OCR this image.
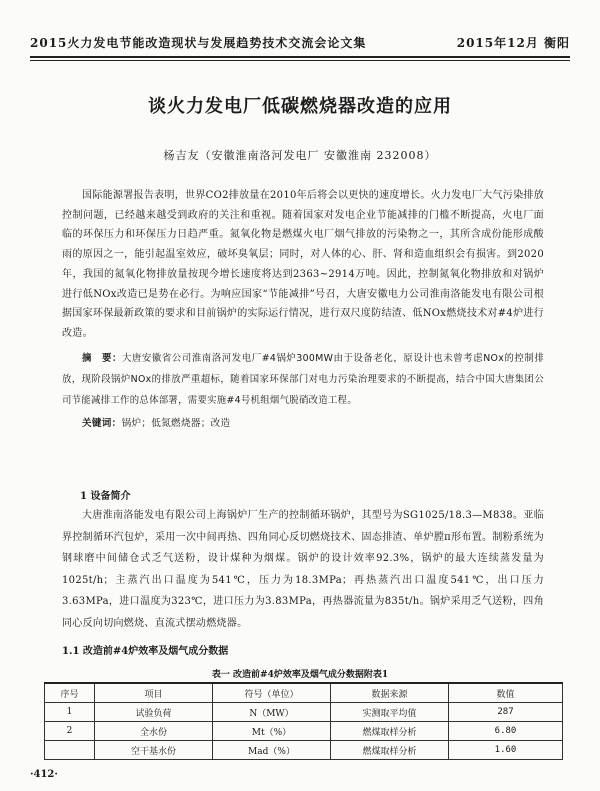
2015火力发电节能改造现状与发展趋势技术交流会论文集	2015年12月 衡阳
谈火力发电厂低碳燃烧器改造的应用
杨吉友（安徽淮南洛河发电厂 安徽淮南 232008）
国际能源署报告表明，世界CO2排放量在2010年后将会以更快的速度增长。火力发电厂大气污染排放控制问题，已经越来越受到政府的关注和重视。随着国家对发电企业节能减排的门槛不断提高，火电厂面临的环保压力和环保压力日趋严重。氮氧化物是燃煤火电厂烟气排放的污染物之一，其所含成份能形成酸雨的原因之一，能引起温室效应，破坏臭氧层；同时，对人体的心、肝、肾和造血组织会有损害。到2020年，我国的氮氧化物排放量按现今增长速度将达到2363~2914万吨。因此，控制氮氧化物排放和对锅炉进行低NOx改造已是势在必行。为响应国家“节能减排”号召，大唐安徽电力公司淮南洛能发电有限公司根据国家环保最新政策的要求和目前锅炉的实际运行情况，进行双尺度防结渣、低NOx燃烧技术对#4炉进行改造。
摘　要：大唐安徽省公司淮南洛河发电厂#4锅炉300MW由于设备老化，原设计也未曾考虑NOx的控制排放，现阶段锅炉NOx的排放严重超标，随着国家环保部门对电力污染治理要求的不断提高，结合中国大唐集团公司节能减排工作的总体部署，需要实施#4号机组烟气脱硝改造工程。
关键词：锅炉；低氮燃烧器；改造
1 设备简介
大唐淮南洛能发电有限公司上海锅炉厂生产的控制循环锅炉，其型号为SG1025/18.3—M838。亚临界控制循环汽包炉，采用一次中间再热、四角同心反切燃烧技术、固态排渣、单炉膛π形布置。制粉系统为钢球磨中间储仓式乏气送粉，设计煤种为烟煤。锅炉的设计效率92.3%，锅炉的最大连续蒸发量为1025t/h；主蒸汽出口温度为541℃，压力为18.3MPa；再热蒸汽出口温度541℃，出口压力3.63MPa，进口温度为323℃，进口压力为3.83MPa，再热器流量为835t/h。锅炉采用乏气送粉，四角同心反向切向燃烧、直流式摆动燃烧器。
1.1 改造前#4炉效率及烟气成分数据
表一 改造前#4炉效率及烟气成分数据附表1
序号	项目	符号（单位）	数据来源	数值
1	试验负荷	N（MW）	实测取平均值	287
2	全水份	Mt（%）	燃煤取样分析	6.80
	空干基水份	Mad（%）	燃煤取样分析	1.60
·412·
